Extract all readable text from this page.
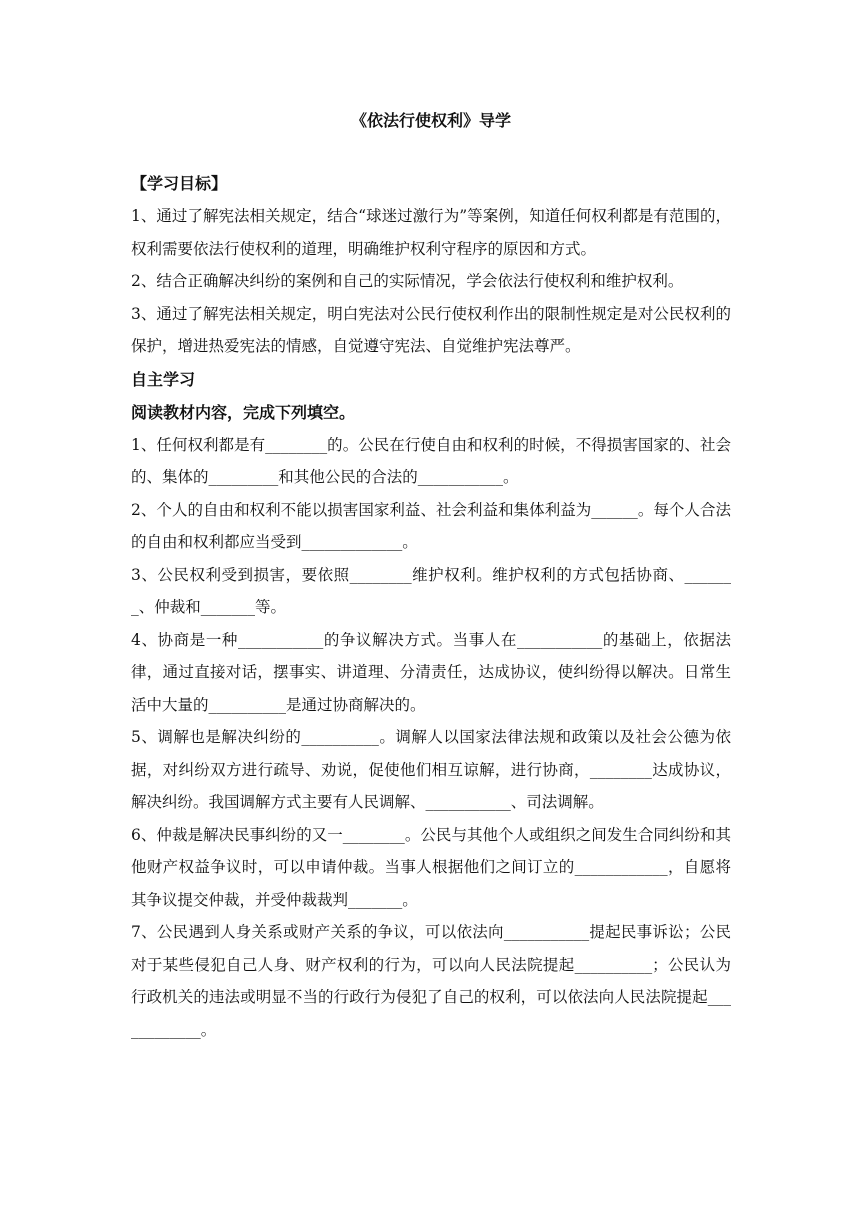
《依法行使权利》导学
【学习目标】
1、通过了解宪法相关规定，结合“球迷过激行为”等案例，知道任何权利都是有范围的，权利需要依法行使权利的道理，明确维护权利守程序的原因和方式。
2、结合正确解决纠纷的案例和自己的实际情况，学会依法行使权利和维护权利。
3、通过了解宪法相关规定，明白宪法对公民行使权利作出的限制性规定是对公民权利的保护，增进热爱宪法的情感，自觉遵守宪法、自觉维护宪法尊严。
自主学习
阅读教材内容，完成下列填空。
1、任何权利都是有________的。公民在行使自由和权利的时候，不得损害国家的、社会的、集体的_________和其他公民的合法的___________。
2、个人的自由和权利不能以损害国家利益、社会利益和集体利益为______。每个人合法的自由和权利都应当受到_____________。
3、公民权利受到损害，要依照________维护权利。维护权利的方式包括协商、_______、仲裁和_______等。
4、协商是一种___________的争议解决方式。当事人在___________的基础上，依据法律，通过直接对话，摆事实、讲道理、分清责任，达成协议，使纠纷得以解决。日常生活中大量的__________是通过协商解决的。
5、调解也是解决纠纷的__________。调解人以国家法律法规和政策以及社会公德为依据，对纠纷双方进行疏导、劝说，促使他们相互谅解，进行协商，________达成协议，解决纠纷。我国调解方式主要有人民调解、___________、司法调解。
6、仲裁是解决民事纠纷的又一________。公民与其他个人或组织之间发生合同纠纷和其他财产权益争议时，可以申请仲裁。当事人根据他们之间订立的____________，自愿将其争议提交仲裁，并受仲裁裁判_______。
7、公民遇到人身关系或财产关系的争议，可以依法向___________提起民事诉讼；公民对于某些侵犯自己人身、财产权利的行为，可以向人民法院提起__________；公民认为行政机关的违法或明显不当的行政行为侵犯了自己的权利，可以依法向人民法院提起____________。
